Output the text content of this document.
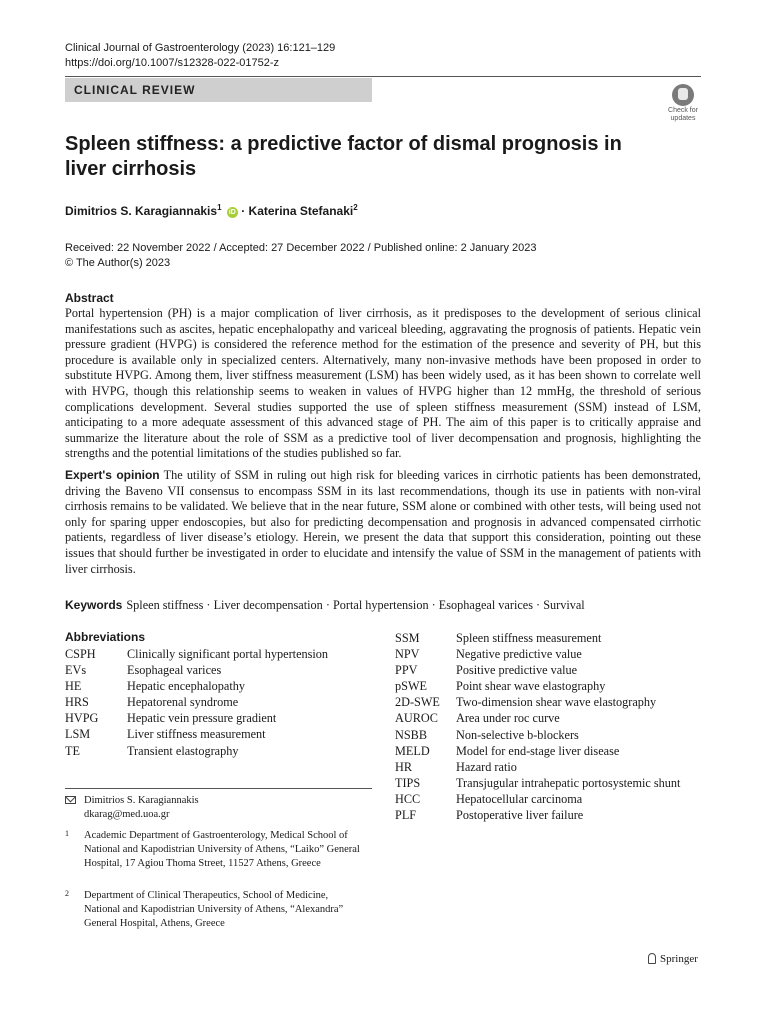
Clinical Journal of Gastroenterology (2023) 16:121–129
https://doi.org/10.1007/s12328-022-01752-z
CLINICAL REVIEW
Check for
updates
Spleen stiffness: a predictive factor of dismal prognosis in liver cirrhosis
Dimitrios S. Karagiannakis$^1$ iD · Katerina Stefanaki$^2$
Received: 22 November 2022 / Accepted: 27 December 2022 / Published online: 2 January 2023
© The Author(s) 2023
Abstract
Portal hypertension (PH) is a major complication of liver cirrhosis, as it predisposes to the development of serious clinical manifestations such as ascites, hepatic encephalopathy and variceal bleeding, aggravating the prognosis of patients. Hepatic vein pressure gradient (HVPG) is considered the reference method for the estimation of the presence and severity of PH, but this procedure is available only in specialized centers. Alternatively, many non-invasive methods have been proposed in order to substitute HVPG. Among them, liver stiffness measurement (LSM) has been widely used, as it has been shown to correlate well with HVPG, though this relationship seems to weaken in values of HVPG higher than 12 mmHg, the threshold of serious complications development. Several studies supported the use of spleen stiffness measurement (SSM) instead of LSM, anticipating to a more adequate assessment of this advanced stage of PH. The aim of this paper is to critically appraise and summarize the literature about the role of SSM as a predictive tool of liver decompensation and prognosis, highlighting the strengths and the potential limitations of the studies published so far.
Expert's opinion The utility of SSM in ruling out high risk for bleeding varices in cirrhotic patients has been demonstrated, driving the Baveno VII consensus to encompass SSM in its last recommendations, though its use in patients with non-viral cirrhosis remains to be validated. We believe that in the near future, SSM alone or combined with other tests, will being used not only for sparing upper endoscopies, but also for predicting decompensation and prognosis in advanced compensated cirrhotic patients, regardless of liver disease’s etiology. Herein, we present the data that support this consideration, pointing out these issues that should further be investigated in order to elucidate and intensify the value of SSM in the management of patients with liver cirrhosis.
Keywords Spleen stiffness · Liver decompensation · Portal hypertension · Esophageal varices · Survival
Abbreviations
CSPH	Clinically significant portal hypertension
EVs	Esophageal varices
HE	Hepatic encephalopathy
HRS	Hepatorenal syndrome
HVPG	Hepatic vein pressure gradient
LSM	Liver stiffness measurement
TE	Transient elastography
SSM	Spleen stiffness measurement
NPV	Negative predictive value
PPV	Positive predictive value
pSWE	Point shear wave elastography
2D-SWE	Two-dimension shear wave elastography
AUROC	Area under roc curve
NSBB	Non-selective b-blockers
MELD	Model for end-stage liver disease
HR	Hazard ratio
TIPS	Transjugular intrahepatic portosystemic shunt
HCC	Hepatocellular carcinoma
PLF	Postoperative liver failure
Dimitrios S. Karagiannakis
dkarag@med.uoa.gr
1 Academic Department of Gastroenterology, Medical School of National and Kapodistrian University of Athens, “Laiko” General Hospital, 17 Agiou Thoma Street, 11527 Athens, Greece
2 Department of Clinical Therapeutics, School of Medicine, National and Kapodistrian University of Athens, “Alexandra” General Hospital, Athens, Greece
Springer
